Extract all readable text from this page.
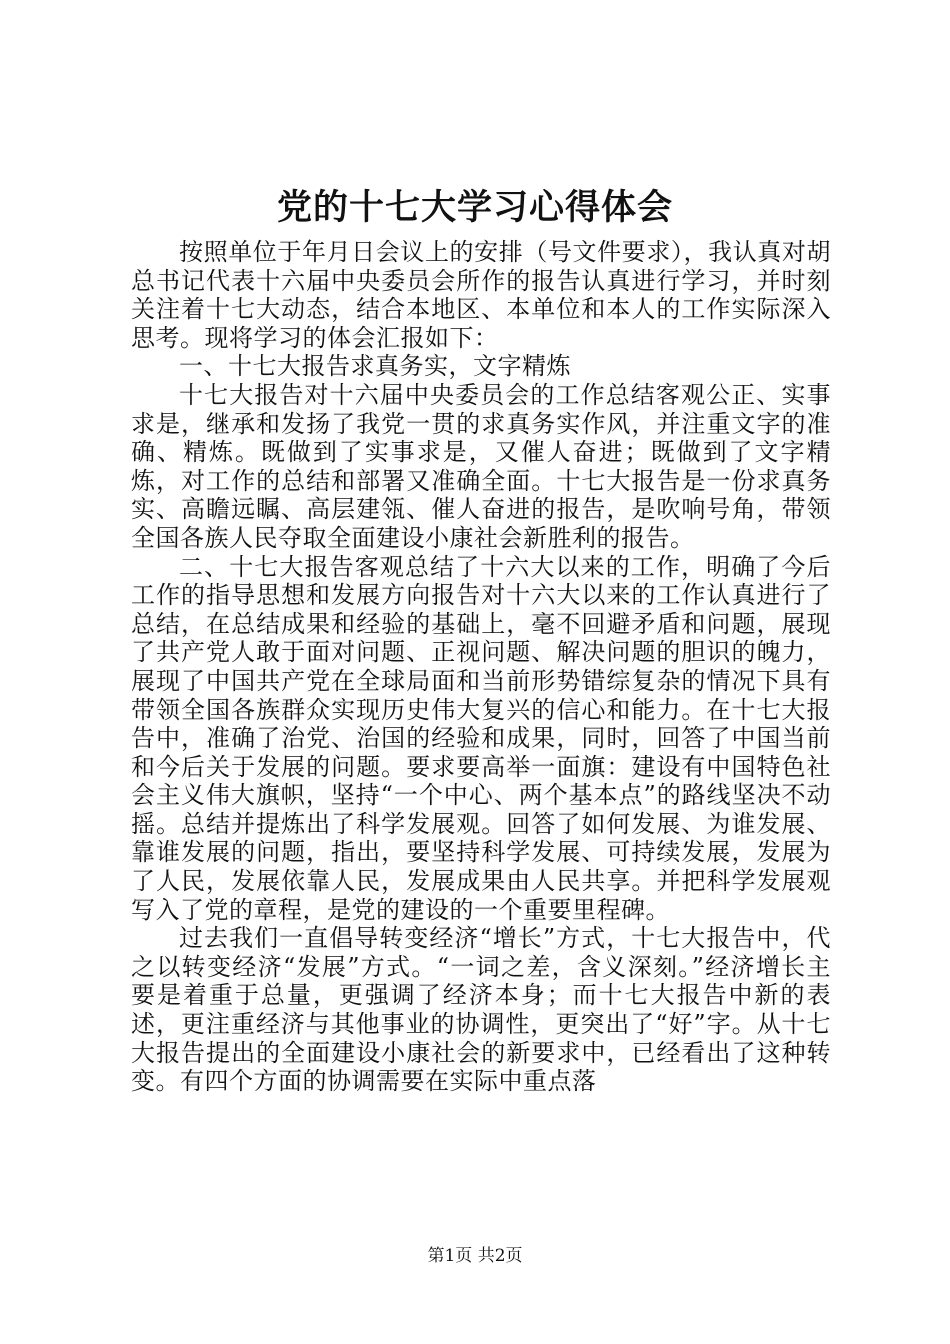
党的十七大学习心得体会

按照单位于年月日会议上的安排（号文件要求），我认真对胡总书记代表十六届中央委员会所作的报告认真进行学习，并时刻关注着十七大动态，结合本地区、本单位和本人的工作实际深入思考。现将学习的体会汇报如下：

一、十七大报告求真务实，文字精炼

十七大报告对十六届中央委员会的工作总结客观公正、实事求是，继承和发扬了我党一贯的求真务实作风，并注重文字的准确、精炼。既做到了实事求是，又催人奋进；既做到了文字精炼，对工作的总结和部署又准确全面。十七大报告是一份求真务实、高瞻远瞩、高层建瓴、催人奋进的报告，是吹响号角，带领全国各族人民夺取全面建设小康社会新胜利的报告。

二、十七大报告客观总结了十六大以来的工作，明确了今后工作的指导思想和发展方向报告对十六大以来的工作认真进行了总结，在总结成果和经验的基础上，毫不回避矛盾和问题，展现了共产党人敢于面对问题、正视问题、解决问题的胆识的魄力，展现了中国共产党在全球局面和当前形势错综复杂的情况下具有带领全国各族群众实现历史伟大复兴的信心和能力。在十七大报告中，准确了治党、治国的经验和成果，同时，回答了中国当前和今后关于发展的问题。要求要高举一面旗：建设有中国特色社会主义伟大旗帜，坚持“一个中心、两个基本点”的路线坚决不动摇。总结并提炼出了科学发展观。回答了如何发展、为谁发展、靠谁发展的问题，指出，要坚持科学发展、可持续发展，发展为了人民，发展依靠人民，发展成果由人民共享。并把科学发展观写入了党的章程，是党的建设的一个重要里程碑。

过去我们一直倡导转变经济“增长”方式，十七大报告中，代之以转变经济“发展”方式。“一词之差，含义深刻。”经济增长主要是着重于总量，更强调了经济本身；而十七大报告中新的表述，更注重经济与其他事业的协调性，更突出了“好”字。从十七大报告提出的全面建设小康社会的新要求中，已经看出了这种转变。有四个方面的协调需要在实际中重点落

第1页 共2页
